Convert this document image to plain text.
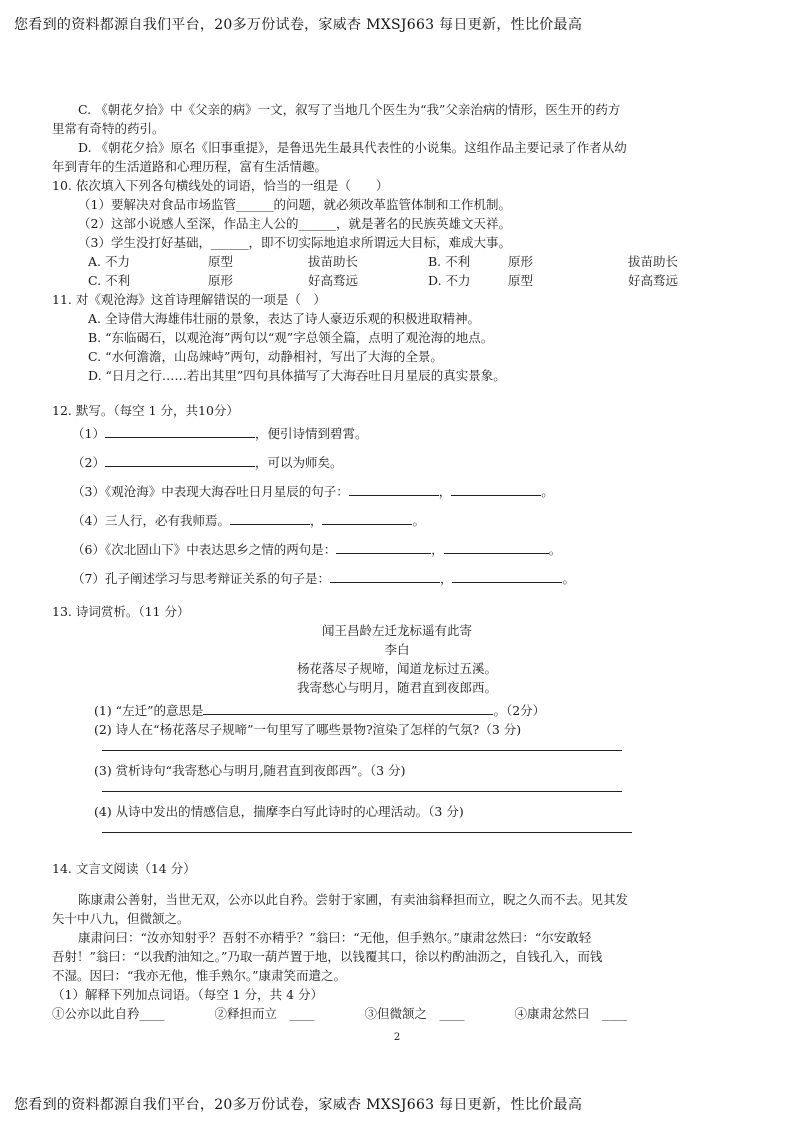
您看到的资料都源自我们平台，20多万份试卷，家威杏 MXSJ663 每日更新，性比价最高

C. 《朝花夕拾》中《父亲的病》一文，叙写了当地几个医生为“我”父亲治病的情形，医生开的药方

里常有奇特的药引。

D. 《朝花夕拾》原名《旧事重提》，是鲁迅先生最具代表性的小说集。这组作品主要记录了作者从幼

年到青年的生活道路和心理历程，富有生活情趣。

10. 依次填入下列各句横线处的词语，恰当的一组是（　　）

（1）要解决对食品市场监管______的问题，就必须改革监管体制和工作机制。

（2）这部小说感人至深，作品主人公的______，就是著名的民族英雄文天祥。

（3）学生没打好基础，______，即不切实际地追求所谓远大目标，难成大事。

A. 不力	原型	拔苗助长	B. 不利	原形	拔苗助长
C. 不利	原形	好高骛远	D. 不力	原型	好高骛远

11. 对《观沧海》这首诗理解错误的一项是（　）

A. 全诗借大海雄伟壮丽的景象，表达了诗人豪迈乐观的积极进取精神。

B. “东临碣石，以观沧海”两句以“观”字总领全篇，点明了观沧海的地点。

C. “水何澹澹，山岛竦峙”两句，动静相衬，写出了大海的全景。

D. “日月之行……若出其里”四句具体描写了大海吞吐日月星辰的真实景象。

12. 默写。（每空 1 分，共10分）

（1）	，便引诗情到碧霄。
（2）	，可以为师矣。
（3）《观沧海》中表现大海吞吐日月星辰的句子：	，	。
（4）三人行，必有我师焉。	，	。
（6）《次北固山下》中表达思乡之情的两句是：	，	。
（7）孔子阐述学习与思考辩证关系的句子是：	，	。

13. 诗词赏析。（11 分）

闻王昌龄左迁龙标遥有此寄
李白
杨花落尽子规啼，闻道龙标过五溪。
我寄愁心与明月，随君直到夜郎西。

(1) “左迁”的意思是	。（2分）

(2) 诗人在“杨花落尽子规啼”一句里写了哪些景物?渲染了怎样的气氛?（3 分)

(3) 赏析诗句“我寄愁心与明月,随君直到夜郎西”。（3 分)

(4) 从诗中发出的情感信息，揣摩李白写此诗时的心理活动。（3 分)

14. 文言文阅读（14 分）

陈康肃公善射，当世无双，公亦以此自矜。尝射于家圃，有卖油翁释担而立，睨之久而不去。见其发

矢十中八九，但微颔之。

康肃问曰：“汝亦知射乎？吾射不亦精乎？”翁曰：“无他，但手熟尔。”康肃忿然曰：“尔安敢轻

吾射！”翁曰：“以我酌油知之。”乃取一葫芦置于地，以钱覆其口，徐以杓酌油沥之，自钱孔入，而钱

不湿。因曰：“我亦无他，惟手熟尔。”康肃笑而遣之。

（1）解释下列加点词语。（每空 1 分，共 4 分）

①公亦以此自矜____	②释担而立　____	③但微颔之　____	④康肃忿然曰　____
2
您看到的资料都源自我们平台，20多万份试卷，家威杏 MXSJ663 每日更新，性比价最高
